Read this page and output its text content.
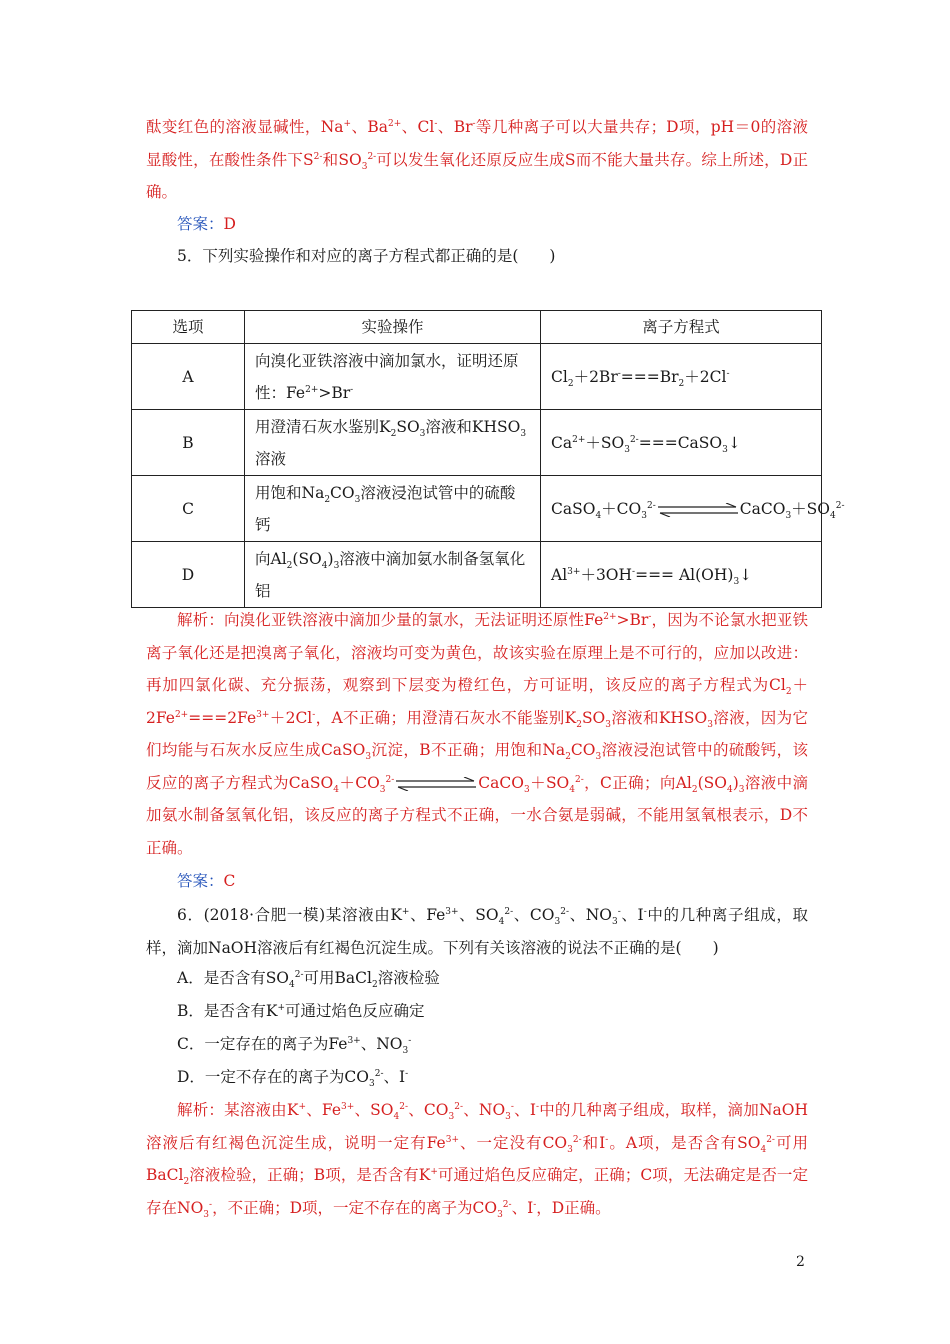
酞变红色的溶液显碱性，Na+、$Ba^{2+}$、Cl-、Br-等几种离子可以大量共存；D项，pH＝0的溶液显酸性，在酸性条件下$S^{2-}$和$SO_3^{2-}$可以发生氧化还原反应生成S而不能大量共存。综上所述，D正确。
答案：D
5．下列实验操作和对应的离子方程式都正确的是(　　)
选项	实验操作	离子方程式
A	向溴化亚铁溶液中滴加氯水，证明还原性：$Fe^{2+}>Br^-$	$Cl_2+2Br^-===Br_2+2Cl^-$
B	用澄清石灰水鉴别$K_2SO_3$溶液和$KHSO_3$溶液	$Ca^{2+}+SO_3^{2-}===CaSO_3↓$
C	用饱和$Na_2CO_3$溶液浸泡试管中的硫酸钙	$CaSO_4+CO_3^{2-}$ $CaCO_3+SO_4^{2-}$
D	向$Al_2(SO_4)_3$溶液中滴加氨水制备氢氧化铝	$Al^{3+}+3OH^-===$ $Al(OH)_3↓$
解析：向溴化亚铁溶液中滴加少量的氯水，无法证明还原性$Fe^{2+}>Br^-$，因为不论氯水把亚铁离子氧化还是把溴离子氧化，溶液均可变为黄色，故该实验在原理上是不可行的，应加以改进：再加四氯化碳、充分振荡，观察到下层变为橙红色，方可证明，该反应的离子方程式为$Cl_2+2Fe^{2+}===2Fe^{3+}+2Cl^-$，A不正确；用澄清石灰水不能鉴别$K_2SO_3$溶液和$KHSO_3$溶液，因为它们均能与石灰水反应生成CaSO$_3$沉淀，B不正确；用饱和$Na_2CO_3$溶液浸泡试管中的硫酸钙，该反应的离子方程式为$CaSO_4+CO_3^{2-}$	$CaCO_3+SO_4^{2-}$，C正确；向$Al_2(SO_4)_3$溶液中滴加氨水制备氢氧化铝，该反应的离子方程式不正确，一水合氨是弱碱，不能用氢氧根表示，D不正确。
答案：C
6．(2018·合肥一模)某溶液由K+、$Fe^{3+}$、$SO_4^{2-}$、$CO_3^{2-}$、$NO_3^-$、I-中的几种离子组成，取样，滴加NaOH溶液后有红褐色沉淀生成。下列有关该溶液的说法不正确的是(　　)
A．是否含有$SO_4^{2-}$可用BaCl$_2$溶液检验
B．是否含有K+可通过焰色反应确定
C．一定存在的离子为$Fe^{3+}$、$NO_3^-$
D．一定不存在的离子为$CO_3^{2-}$、I-
解析：某溶液由K+、$Fe^{3+}$、$SO_4^{2-}$、$CO_3^{2-}$、$NO_3^-$、I-中的几种离子组成，取样，滴加NaOH溶液后有红褐色沉淀生成，说明一定有$Fe^{3+}$、一定没有$CO_3^{2-}$和I-。A项，是否含有$SO_4^{2-}$可用BaCl$_2$溶液检验，正确；B项，是否含有K+可通过焰色反应确定，正确；C项，无法确定是否一定存在$NO_3^-$，不正确；D项，一定不存在的离子为$CO_3^{2-}$、I-，D正确。
2
